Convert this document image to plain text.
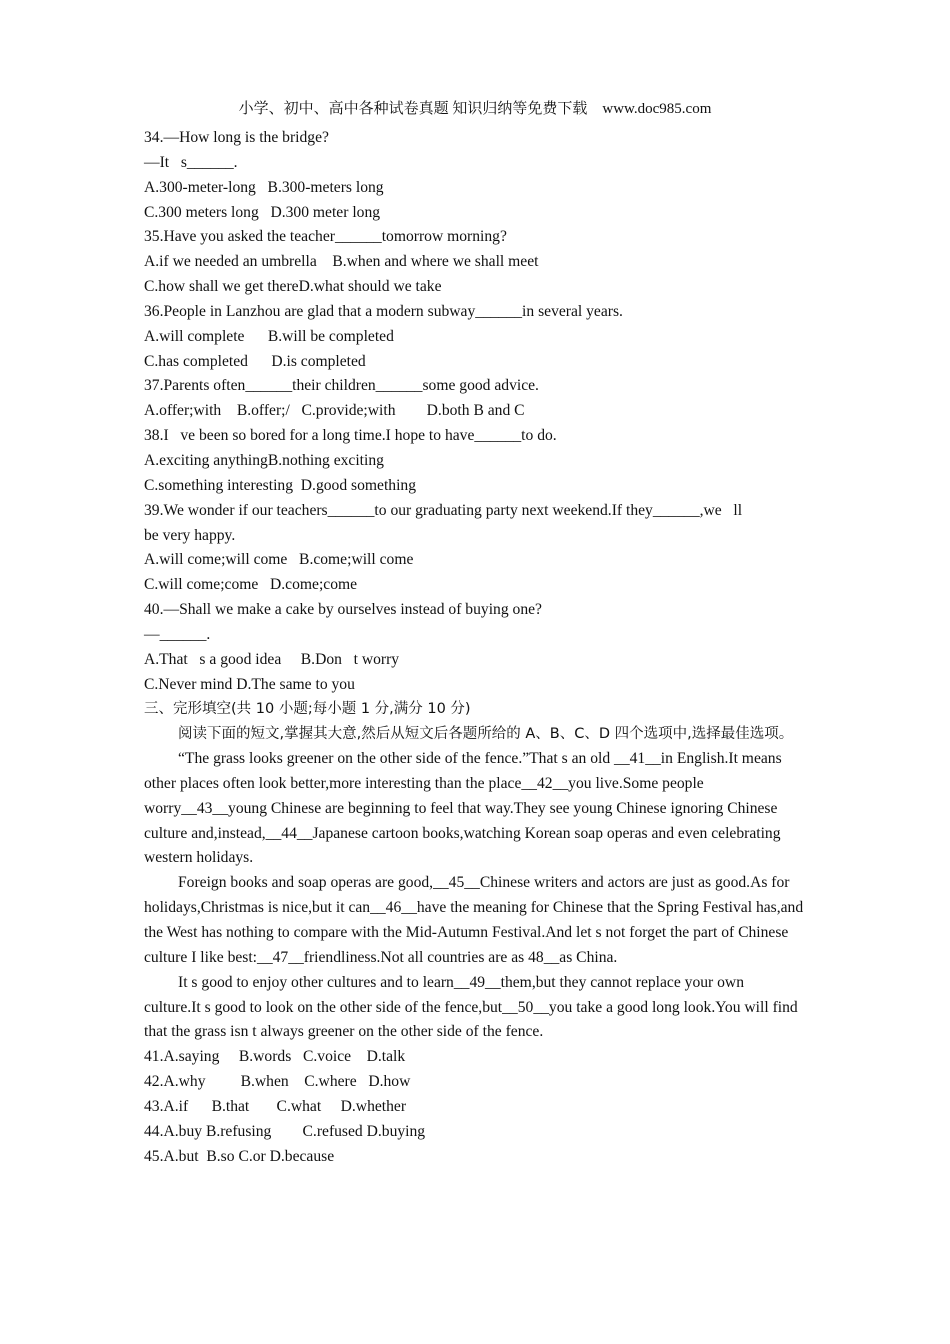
小学、初中、高中各种试卷真题 知识归纳等免费下载    www.doc985.com
34.—How long is the bridge?
—It   s______.
A.300-meter-long   B.300-meters long
C.300 meters long   D.300 meter long
35.Have you asked the teacher______tomorrow morning?
A.if we needed an umbrella    B.when and where we shall meet
C.how shall we get thereD.what should we take
36.People in Lanzhou are glad that a modern subway______in several years.
A.will complete      B.will be completed
C.has completed      D.is completed
37.Parents often______their children______some good advice.
A.offer;with    B.offer;/   C.provide;with        D.both B and C
38.I   ve been so bored for a long time.I hope to have______to do.
A.exciting anythingB.nothing exciting
C.something interesting  D.good something
39.We wonder if our teachers______to our graduating party next weekend.If they______,we   ll
be very happy.
A.will come;will come   B.come;will come
C.will come;come   D.come;come
40.—Shall we make a cake by ourselves instead of buying one?
—______.
A.That   s a good idea     B.Don   t worry
C.Never mind D.The same to you
三、完形填空(共 10 小题;每小题 1 分,满分 10 分)
阅读下面的短文,掌握其大意,然后从短文后各题所给的 A、B、C、D 四个选项中,选择最佳选项。
“The grass looks greener on the other side of the fence.”That s an old __41__in English.It means other places often look better,more interesting than the place__42__you live.Some people worry__43__young Chinese are beginning to feel that way.They see young Chinese ignoring Chinese culture and,instead,__44__Japanese cartoon books,watching Korean soap operas and even celebrating western holidays.
Foreign books and soap operas are good,__45__Chinese writers and actors are just as good.As for holidays,Christmas is nice,but it can__46__have the meaning for Chinese that the Spring Festival has,and the West has nothing to compare with the Mid-Autumn Festival.And let s not forget the part of Chinese culture I like best:__47__friendliness.Not all countries are as 48__as China.
It s good to enjoy other cultures and to learn__49__them,but they cannot replace your own culture.It s good to look on the other side of the fence,but__50__you take a good long look.You will find that the grass isn t always greener on the other side of the fence.
41.A.saying     B.words   C.voice    D.talk
42.A.why         B.when    C.where   D.how
43.A.if      B.that       C.what     D.whether
44.A.buy B.refusing        C.refused D.buying
45.A.but  B.so C.or D.because
